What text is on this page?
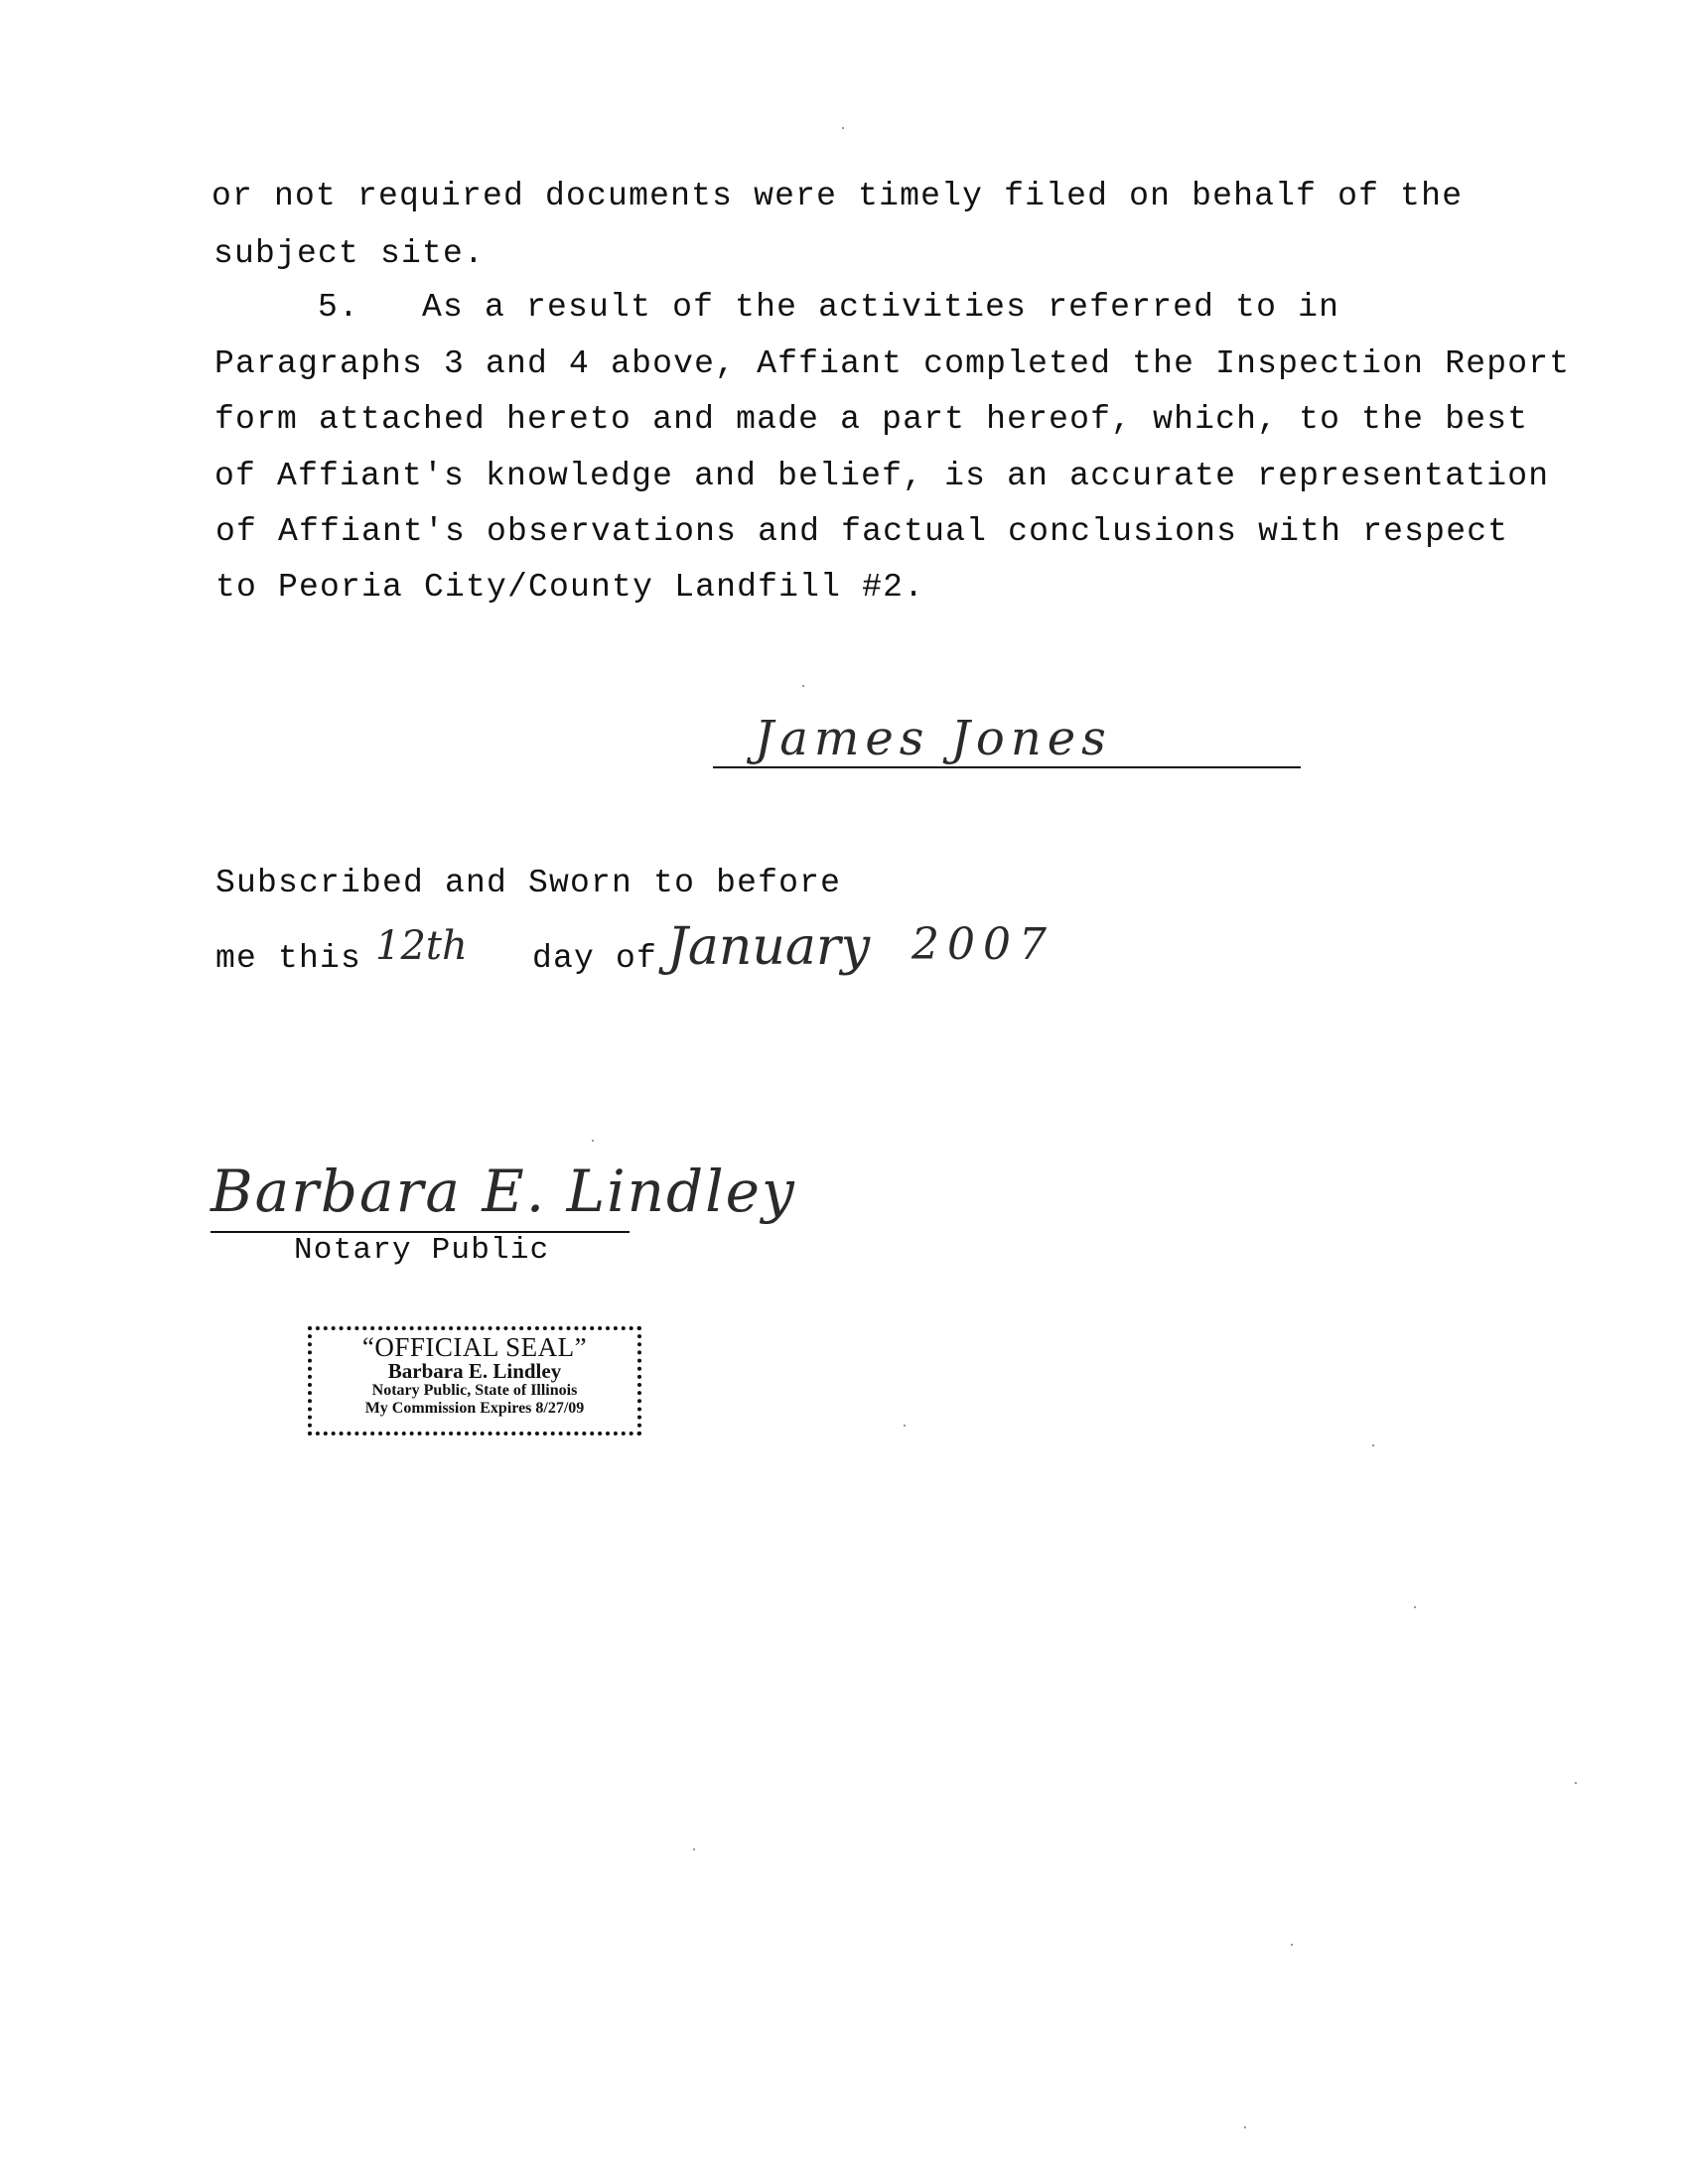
or not required documents were timely filed on behalf of the
subject site.
5.   As a result of the activities referred to in
Paragraphs 3 and 4 above, Affiant completed the Inspection Report
form attached hereto and made a part hereof, which, to the best
of Affiant's knowledge and belief, is an accurate representation
of Affiant's observations and factual conclusions with respect
to Peoria City/County Landfill #2.
James Jones
Subscribed and Sworn to before
me this 12th day of January 2007
Barbara E. Lindley
Notary Public
“OFFICIAL SEAL”
Barbara E. Lindley
Notary Public, State of Illinois
My Commission Expires 8/27/09
